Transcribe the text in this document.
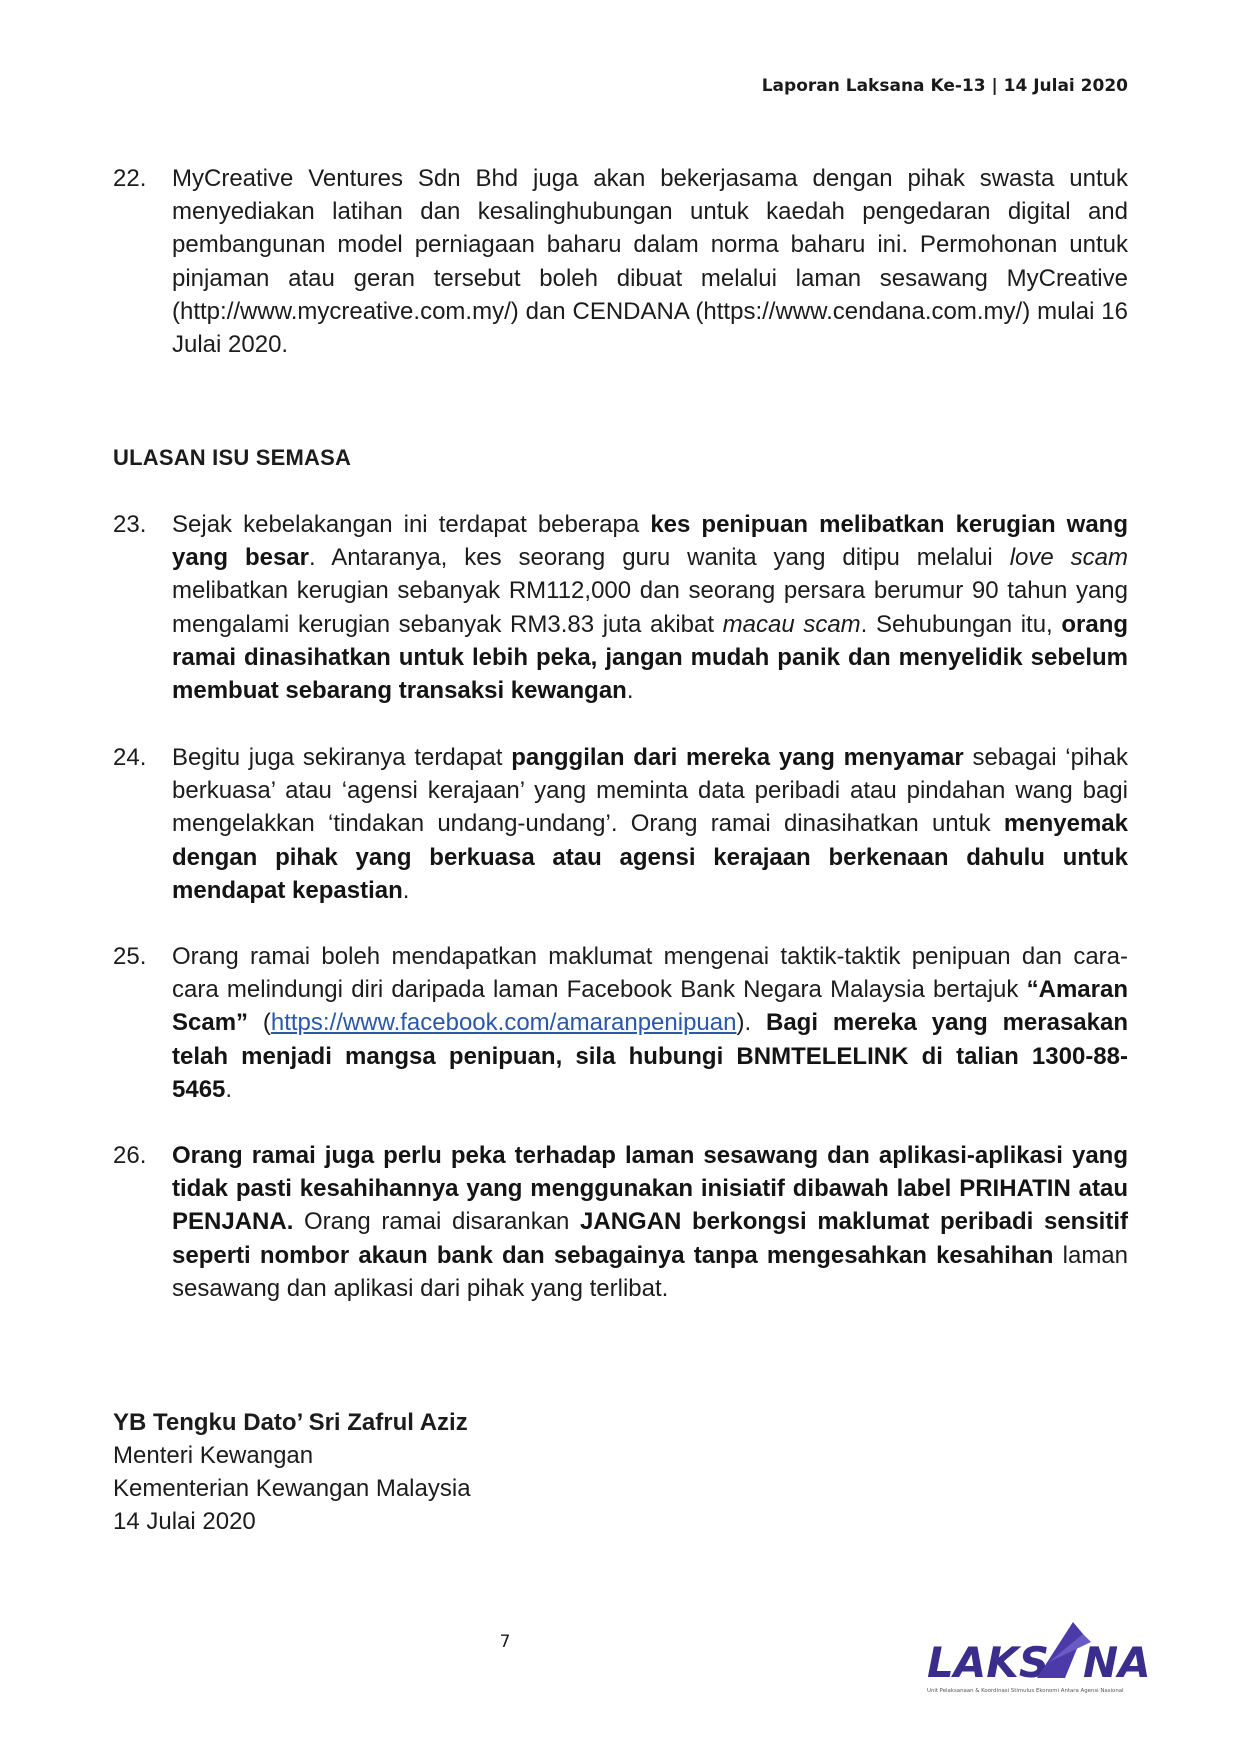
Laporan Laksana Ke-13 | 14 Julai 2020
22. MyCreative Ventures Sdn Bhd juga akan bekerjasama dengan pihak swasta untuk menyediakan latihan dan kesalinghubungan untuk kaedah pengedaran digital and pembangunan model perniagaan baharu dalam norma baharu ini. Permohonan untuk pinjaman atau geran tersebut boleh dibuat melalui laman sesawang MyCreative (http://www.mycreative.com.my/) dan CENDANA (https://www.cendana.com.my/) mulai 16 Julai 2020.
ULASAN ISU SEMASA
23. Sejak kebelakangan ini terdapat beberapa kes penipuan melibatkan kerugian wang yang besar. Antaranya, kes seorang guru wanita yang ditipu melalui love scam melibatkan kerugian sebanyak RM112,000 dan seorang persara berumur 90 tahun yang mengalami kerugian sebanyak RM3.83 juta akibat macau scam. Sehubungan itu, orang ramai dinasihatkan untuk lebih peka, jangan mudah panik dan menyelidik sebelum membuat sebarang transaksi kewangan.
24. Begitu juga sekiranya terdapat panggilan dari mereka yang menyamar sebagai ‘pihak berkuasa’ atau ‘agensi kerajaan’ yang meminta data peribadi atau pindahan wang bagi mengelakkan ‘tindakan undang-undang’. Orang ramai dinasihatkan untuk menyemak dengan pihak yang berkuasa atau agensi kerajaan berkenaan dahulu untuk mendapat kepastian.
25. Orang ramai boleh mendapatkan maklumat mengenai taktik-taktik penipuan dan cara-cara melindungi diri daripada laman Facebook Bank Negara Malaysia bertajuk “Amaran Scam” (https://www.facebook.com/amaranpenipuan). Bagi mereka yang merasakan telah menjadi mangsa penipuan, sila hubungi BNMTELELINK di talian 1300-88-5465.
26. Orang ramai juga perlu peka terhadap laman sesawang dan aplikasi-aplikasi yang tidak pasti kesahihannya yang menggunakan inisiatif dibawah label PRIHATIN atau PENJANA. Orang ramai disarankan JANGAN berkongsi maklumat peribadi sensitif seperti nombor akaun bank dan sebagainya tanpa mengesahkan kesahihan laman sesawang dan aplikasi dari pihak yang terlibat.
YB Tengku Dato’ Sri Zafrul Aziz
Menteri Kewangan
Kementerian Kewangan Malaysia
14 Julai 2020
7	LAKS NA
Unit Pelaksanaan & Koordinasi Stimulus Ekonomi Antara Agensi Nasional
